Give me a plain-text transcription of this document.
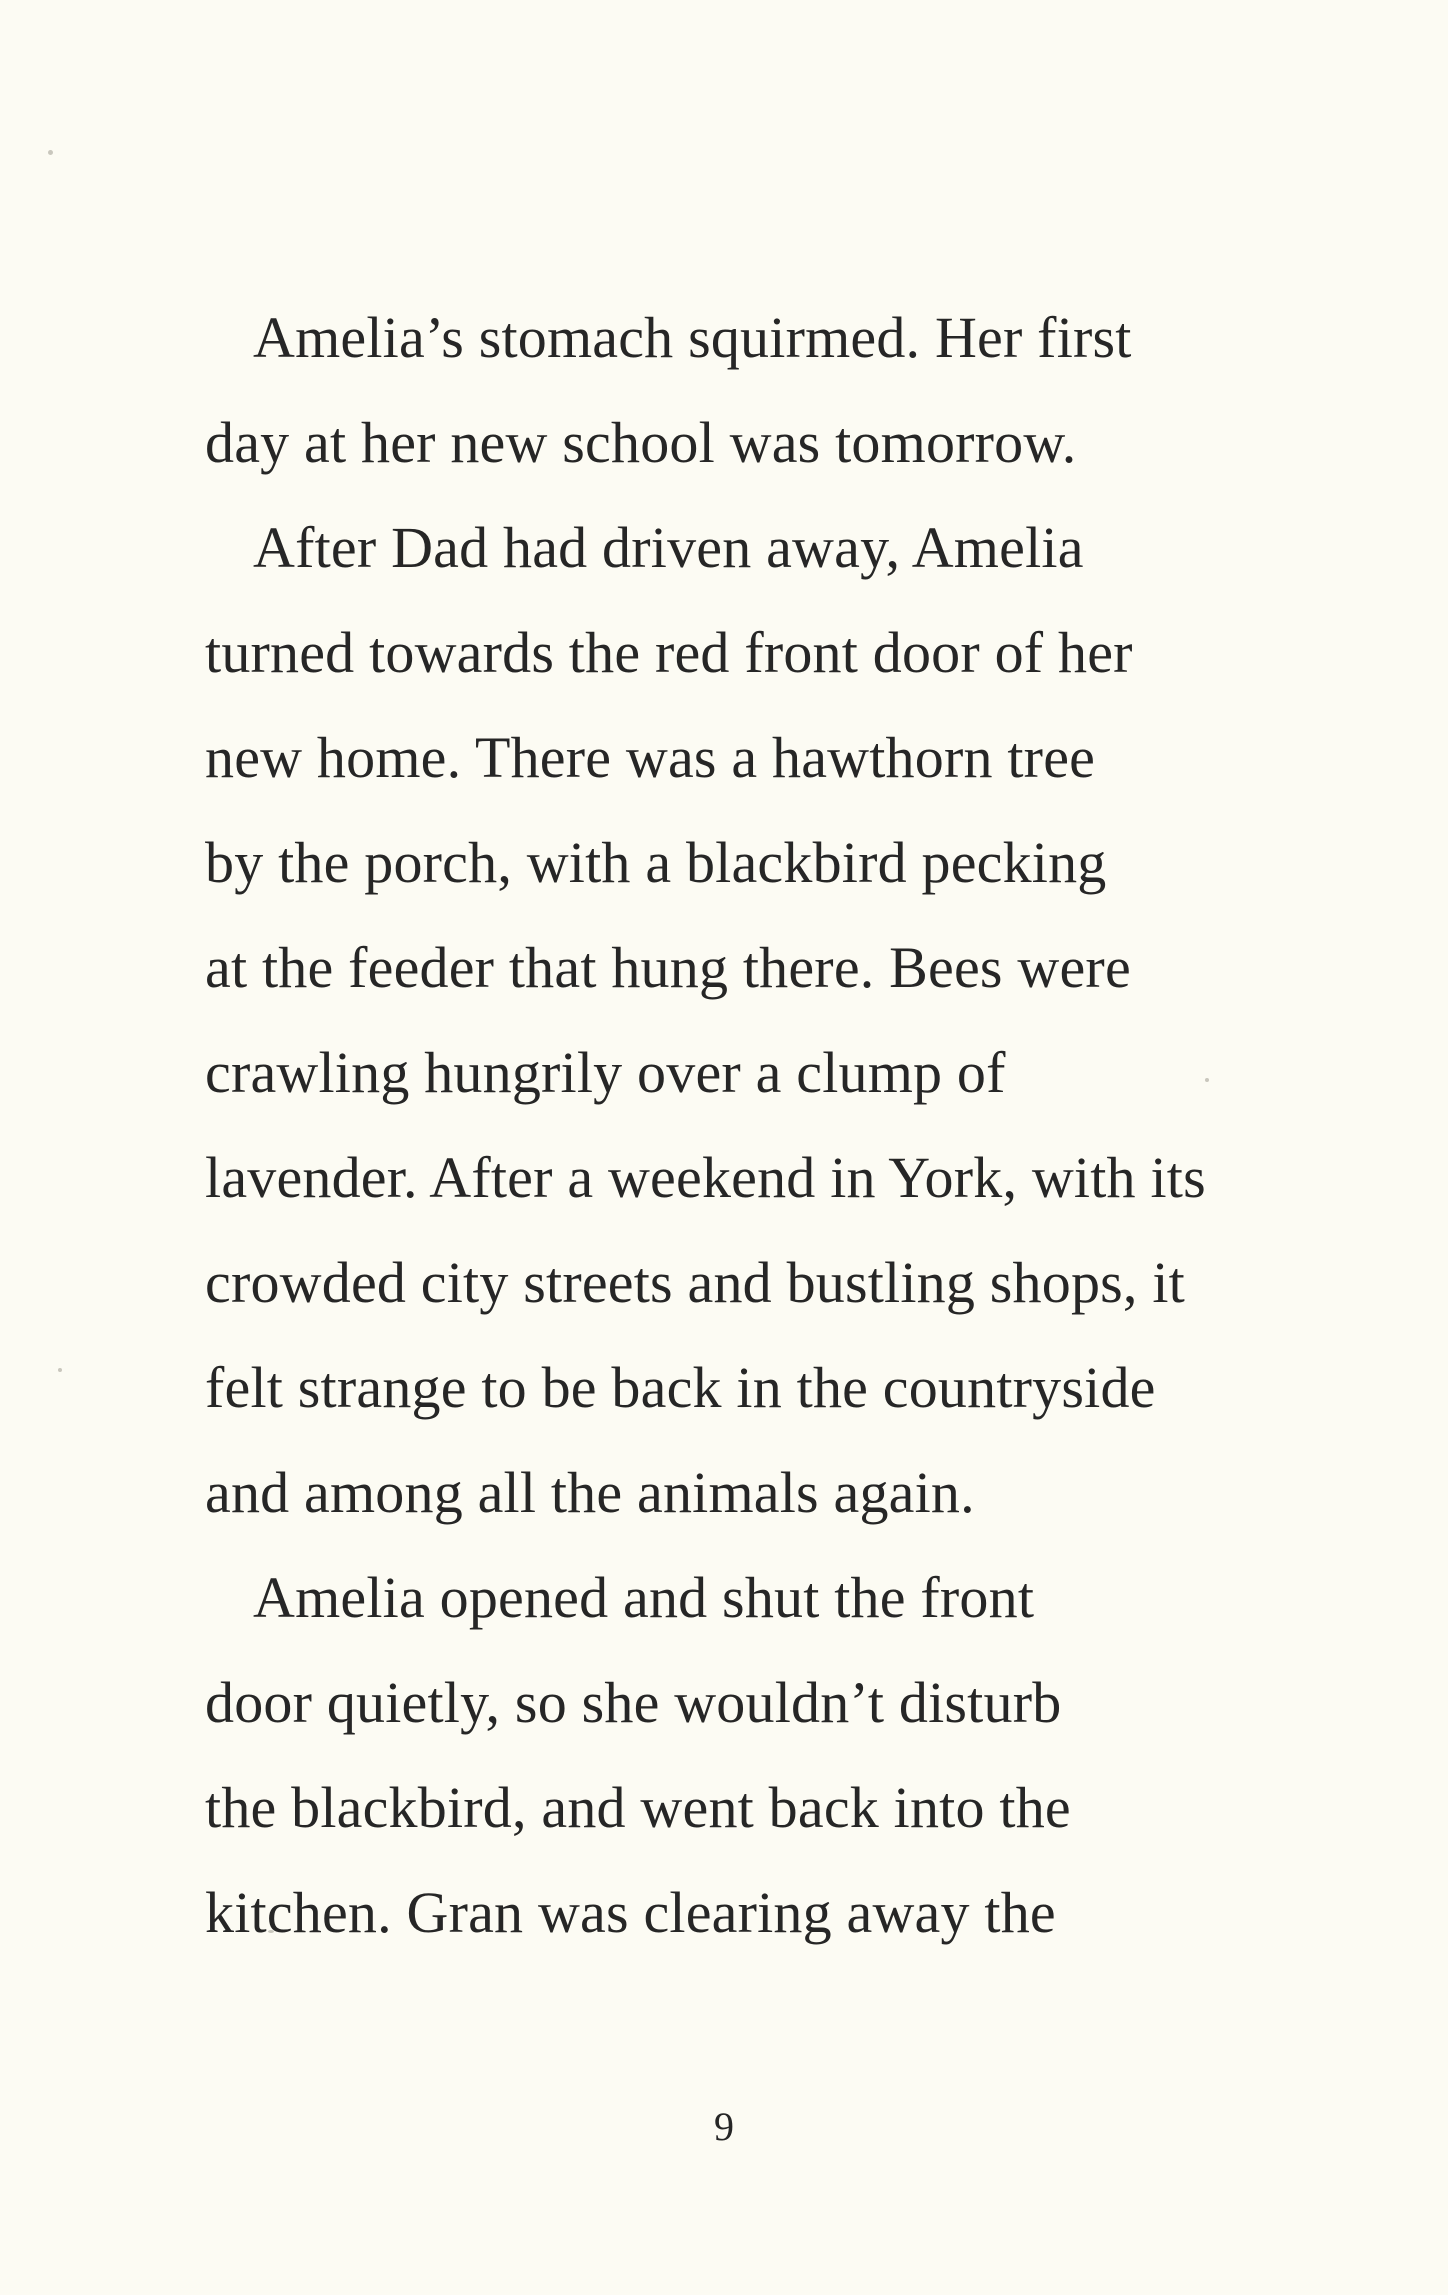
Amelia’s stomach squirmed. Her first
day at her new school was tomorrow.
After Dad had driven away, Amelia
turned towards the red front door of her
new home. There was a hawthorn tree
by the porch, with a blackbird pecking
at the feeder that hung there. Bees were
crawling hungrily over a clump of
lavender. After a weekend in York, with its
crowded city streets and bustling shops, it
felt strange to be back in the countryside
and among all the animals again.
Amelia opened and shut the front
door quietly, so she wouldn’t disturb
the blackbird, and went back into the
kitchen. Gran was clearing away the
9
